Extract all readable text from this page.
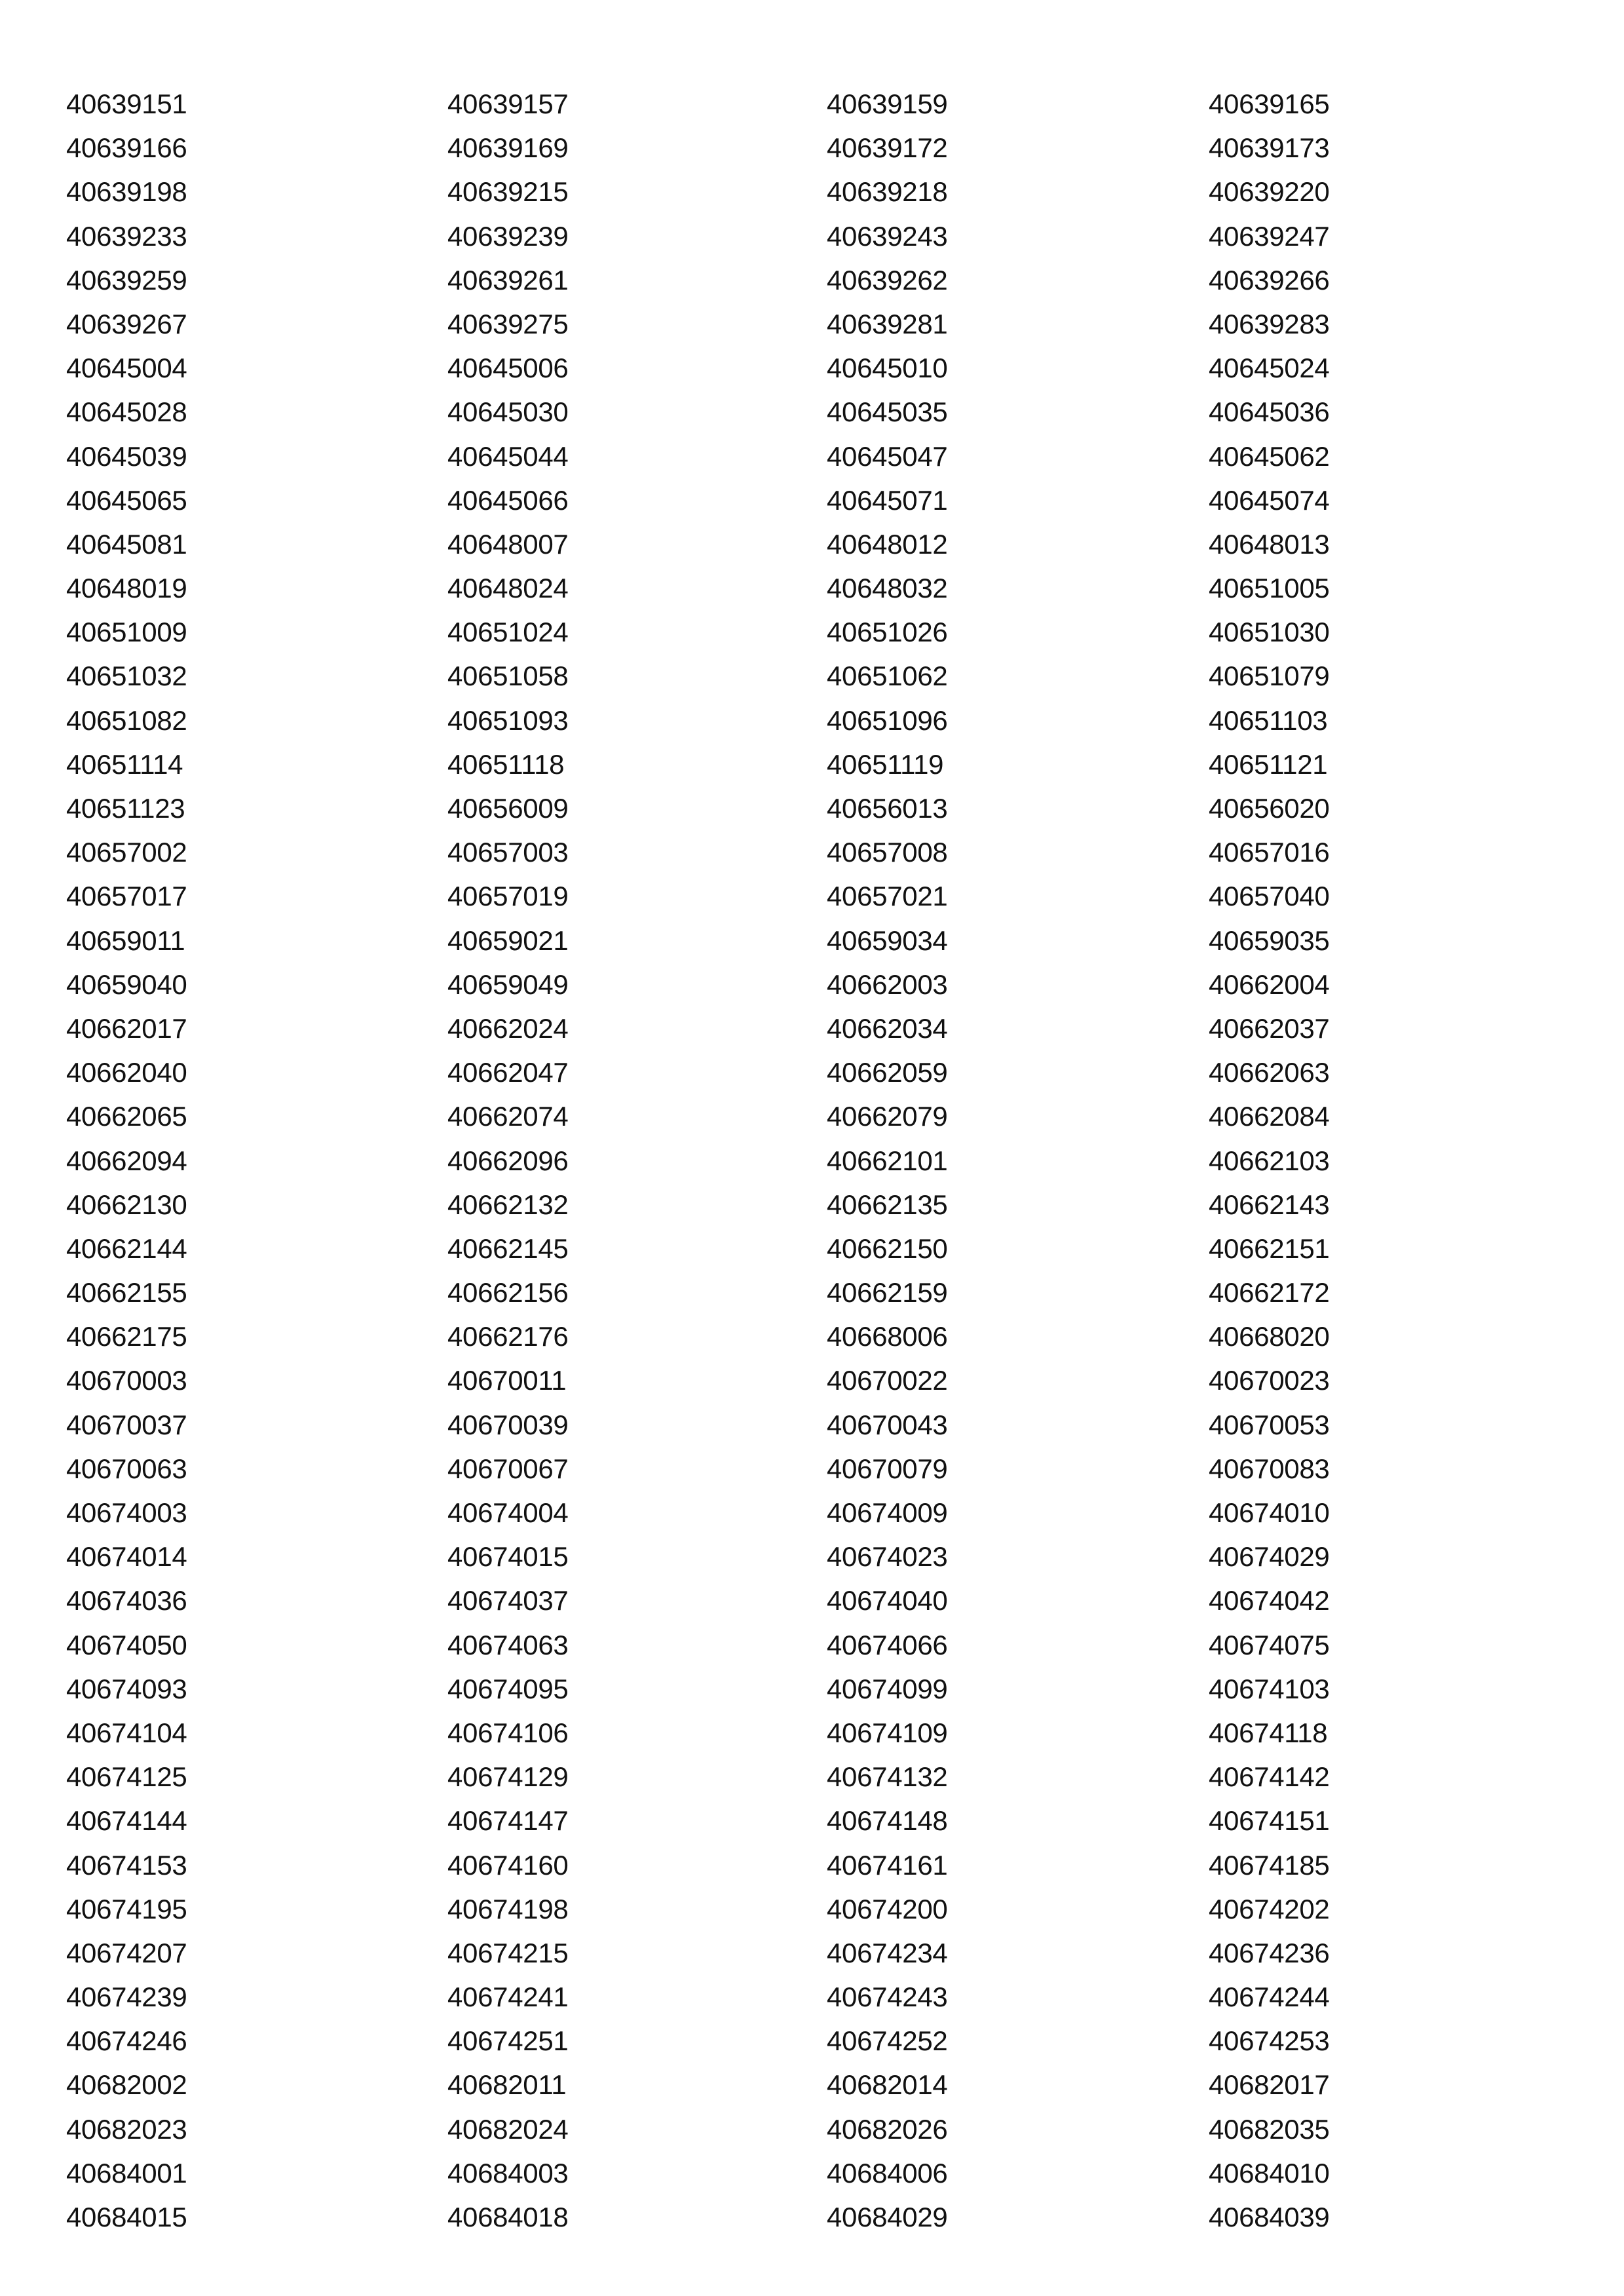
40639151	40639157	40639159	40639165
40639166	40639169	40639172	40639173
40639198	40639215	40639218	40639220
40639233	40639239	40639243	40639247
40639259	40639261	40639262	40639266
40639267	40639275	40639281	40639283
40645004	40645006	40645010	40645024
40645028	40645030	40645035	40645036
40645039	40645044	40645047	40645062
40645065	40645066	40645071	40645074
40645081	40648007	40648012	40648013
40648019	40648024	40648032	40651005
40651009	40651024	40651026	40651030
40651032	40651058	40651062	40651079
40651082	40651093	40651096	40651103
40651114	40651118	40651119	40651121
40651123	40656009	40656013	40656020
40657002	40657003	40657008	40657016
40657017	40657019	40657021	40657040
40659011	40659021	40659034	40659035
40659040	40659049	40662003	40662004
40662017	40662024	40662034	40662037
40662040	40662047	40662059	40662063
40662065	40662074	40662079	40662084
40662094	40662096	40662101	40662103
40662130	40662132	40662135	40662143
40662144	40662145	40662150	40662151
40662155	40662156	40662159	40662172
40662175	40662176	40668006	40668020
40670003	40670011	40670022	40670023
40670037	40670039	40670043	40670053
40670063	40670067	40670079	40670083
40674003	40674004	40674009	40674010
40674014	40674015	40674023	40674029
40674036	40674037	40674040	40674042
40674050	40674063	40674066	40674075
40674093	40674095	40674099	40674103
40674104	40674106	40674109	40674118
40674125	40674129	40674132	40674142
40674144	40674147	40674148	40674151
40674153	40674160	40674161	40674185
40674195	40674198	40674200	40674202
40674207	40674215	40674234	40674236
40674239	40674241	40674243	40674244
40674246	40674251	40674252	40674253
40682002	40682011	40682014	40682017
40682023	40682024	40682026	40682035
40684001	40684003	40684006	40684010
40684015	40684018	40684029	40684039
